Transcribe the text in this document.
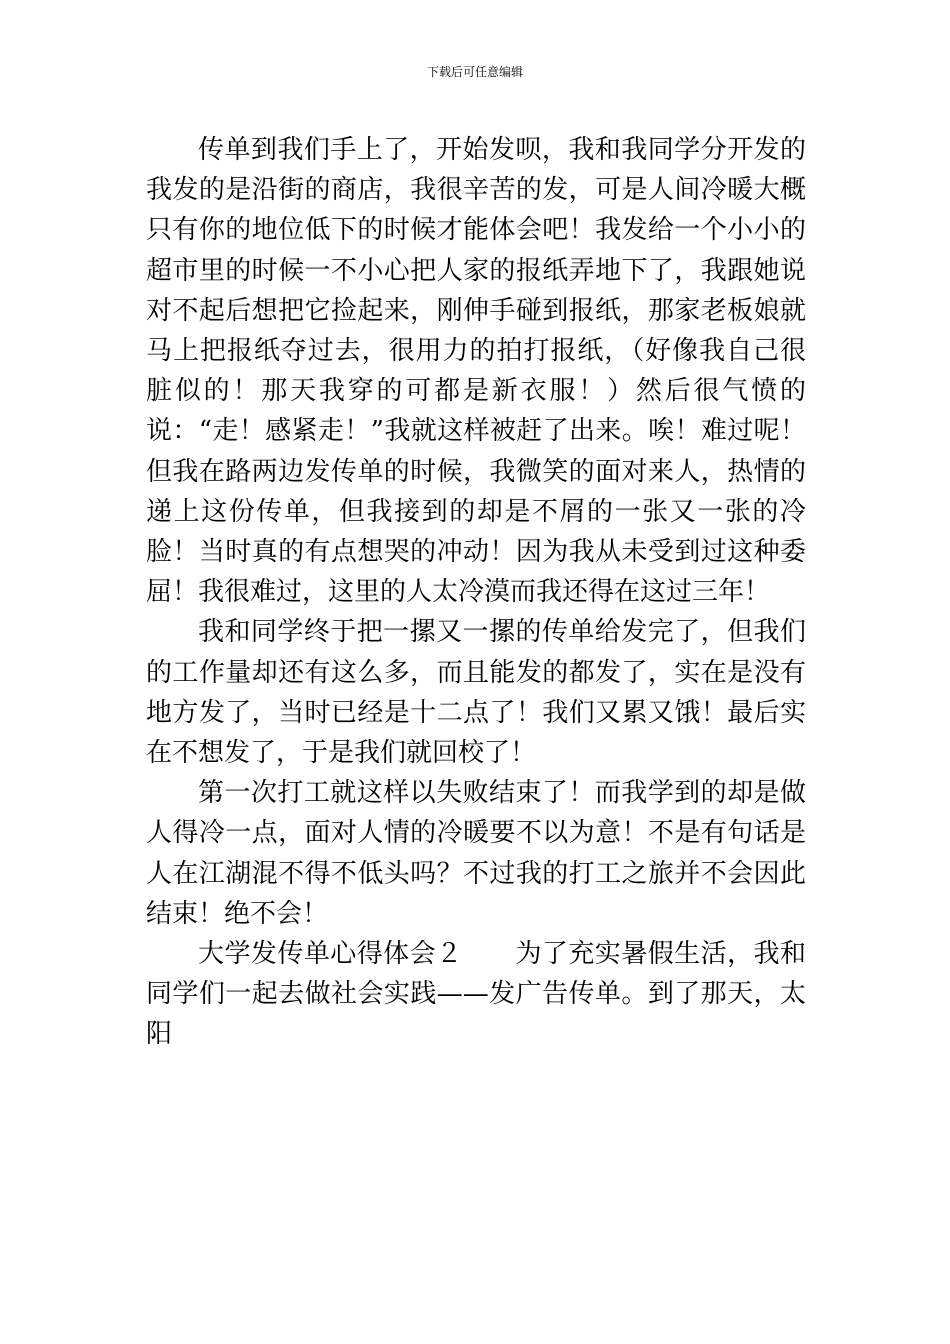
下载后可任意编辑

传单到我们手上了，开始发呗，我和我同学分开发的我发的是沿街的商店，我很辛苦的发，可是人间冷暖大概只有你的地位低下的时候才能体会吧！我发给一个小小的超市里的时候一不小心把人家的报纸弄地下了，我跟她说对不起后想把它捡起来，刚伸手碰到报纸，那家老板娘就马上把报纸夺过去，很用力的拍打报纸，（好像我自己很脏似的！那天我穿的可都是新衣服！）然后很气愤的说：“走！感紧走！”我就这样被赶了出来。唉！难过呢！但我在路两边发传单的时候，我微笑的面对来人，热情的递上这份传单，但我接到的却是不屑的一张又一张的冷脸！当时真的有点想哭的冲动！因为我从未受到过这种委屈！我很难过，这里的人太冷漠而我还得在这过三年！

我和同学终于把一摞又一摞的传单给发完了，但我们的工作量却还有这么多，而且能发的都发了，实在是没有地方发了，当时已经是十二点了！我们又累又饿！最后实在不想发了，于是我们就回校了！

第一次打工就这样以失败结束了！而我学到的却是做人得冷一点，面对人情的冷暖要不以为意！不是有句话是人在江湖混不得不低头吗？不过我的打工之旅并不会因此结束！绝不会！

大学发传单心得体会２　　为了充实暑假生活，我和同学们一起去做社会实践——发广告传单。到了那天，太阳
